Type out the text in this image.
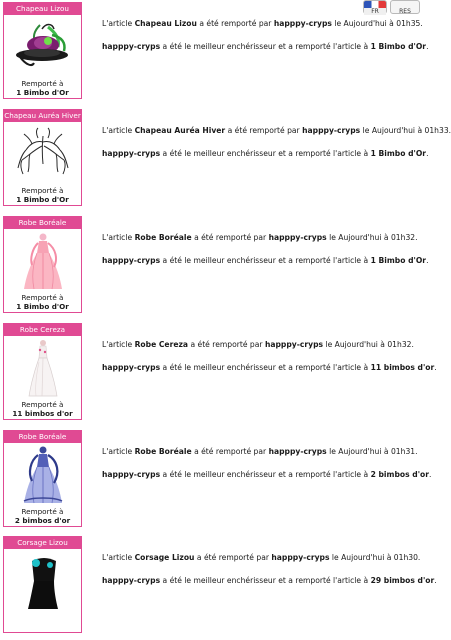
FR	RES
Chapeau Lizou
Remporté à
1 Bimbo d'Or
L'article Chapeau Lizou a été remporté par happpy-cryps le Aujourd'hui à 01h35.
happpy-cryps a été le meilleur enchérisseur et a remporté l'article à 1 Bimbo d'Or.
Chapeau Auréa Hiver
Remporté à
1 Bimbo d'Or
L'article Chapeau Auréa Hiver a été remporté par happpy-cryps le Aujourd'hui à 01h33.
happpy-cryps a été le meilleur enchérisseur et a remporté l'article à 1 Bimbo d'Or.
Robe Boréale
Remporté à
1 Bimbo d'Or
L'article Robe Boréale a été remporté par happpy-cryps le Aujourd'hui à 01h32.
happpy-cryps a été le meilleur enchérisseur et a remporté l'article à 1 Bimbo d'Or.
Robe Cereza
Remporté à
11 bimbos d'or
L'article Robe Cereza a été remporté par happpy-cryps le Aujourd'hui à 01h32.
happpy-cryps a été le meilleur enchérisseur et a remporté l'article à 11 bimbos d'or.
Robe Boréale
Remporté à
2 bimbos d'or
L'article Robe Boréale a été remporté par happpy-cryps le Aujourd'hui à 01h31.
happpy-cryps a été le meilleur enchérisseur et a remporté l'article à 2 bimbos d'or.
Corsage Lizou
L'article Corsage Lizou a été remporté par happpy-cryps le Aujourd'hui à 01h30.
happpy-cryps a été le meilleur enchérisseur et a remporté l'article à 29 bimbos d'or.
